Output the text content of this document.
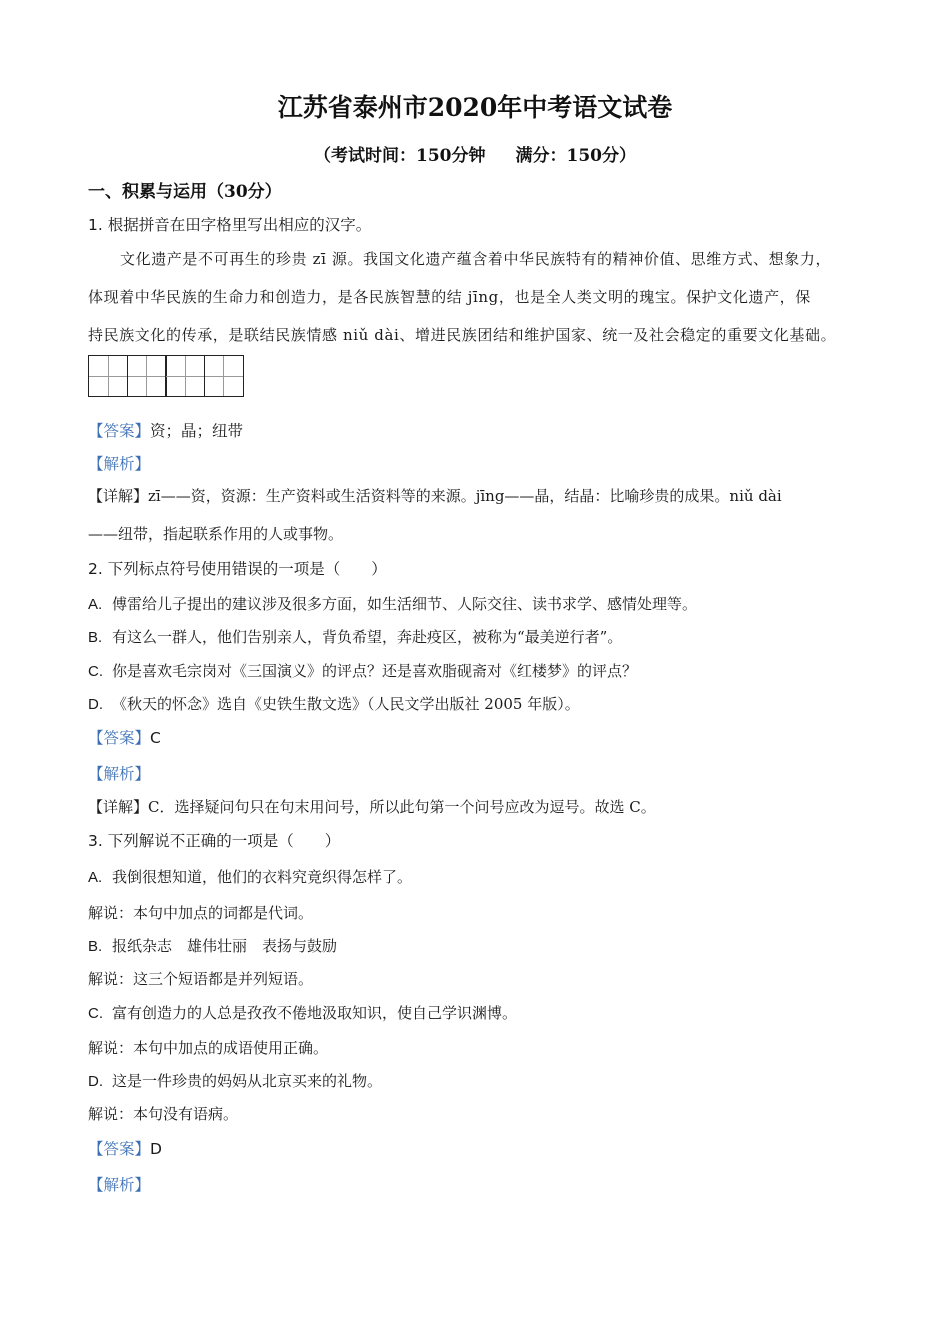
江苏省泰州市2020年中考语文试卷
（考试时间：150分钟 满分：150分）
一、积累与运用（30分）
1. 根据拼音在田字格里写出相应的汉字。
文化遗产是不可再生的珍贵 zī 源。我国文化遗产蕴含着中华民族特有的精神价值、思维方式、想象力，
体现着中华民族的生命力和创造力，是各民族智慧的结 jīng，也是全人类文明的瑰宝。保护文化遗产，保
持民族文化的传承，是联结民族情感 niǔ dài、增进民族团结和维护国家、统一及社会稳定的重要文化基础。
【答案】资；晶；纽带
【解析】
【详解】zī——资，资源：生产资料或生活资料等的来源。jīng——晶，结晶：比喻珍贵的成果。niǔ dài
——纽带，指起联系作用的人或事物。
2. 下列标点符号使用错误的一项是（　　）
A. 傅雷给儿子提出的建议涉及很多方面，如生活细节、人际交往、读书求学、感情处理等。
B. 有这么一群人，他们告别亲人，背负希望，奔赴疫区，被称为“最美逆行者”。
C. 你是喜欢毛宗岗对《三国演义》的评点？还是喜欢脂砚斋对《红楼梦》的评点？
D. 《秋天的怀念》选自《史铁生散文选》（人民文学出版社 2005 年版）。
【答案】C
【解析】
【详解】C．选择疑问句只在句末用问号，所以此句第一个问号应改为逗号。故选 C。
3. 下列解说不正确的一项是（　　）
A. 我倒很想知道，他们的衣料究竟织得怎样了。
解说：本句中加点的词都是代词。
B. 报纸杂志　雄伟壮丽　表扬与鼓励
解说：这三个短语都是并列短语。
C. 富有创造力的人总是孜孜不倦地汲取知识，使自己学识渊博。
解说：本句中加点的成语使用正确。
D. 这是一件珍贵的妈妈从北京买来的礼物。
解说：本句没有语病。
【答案】D
【解析】
